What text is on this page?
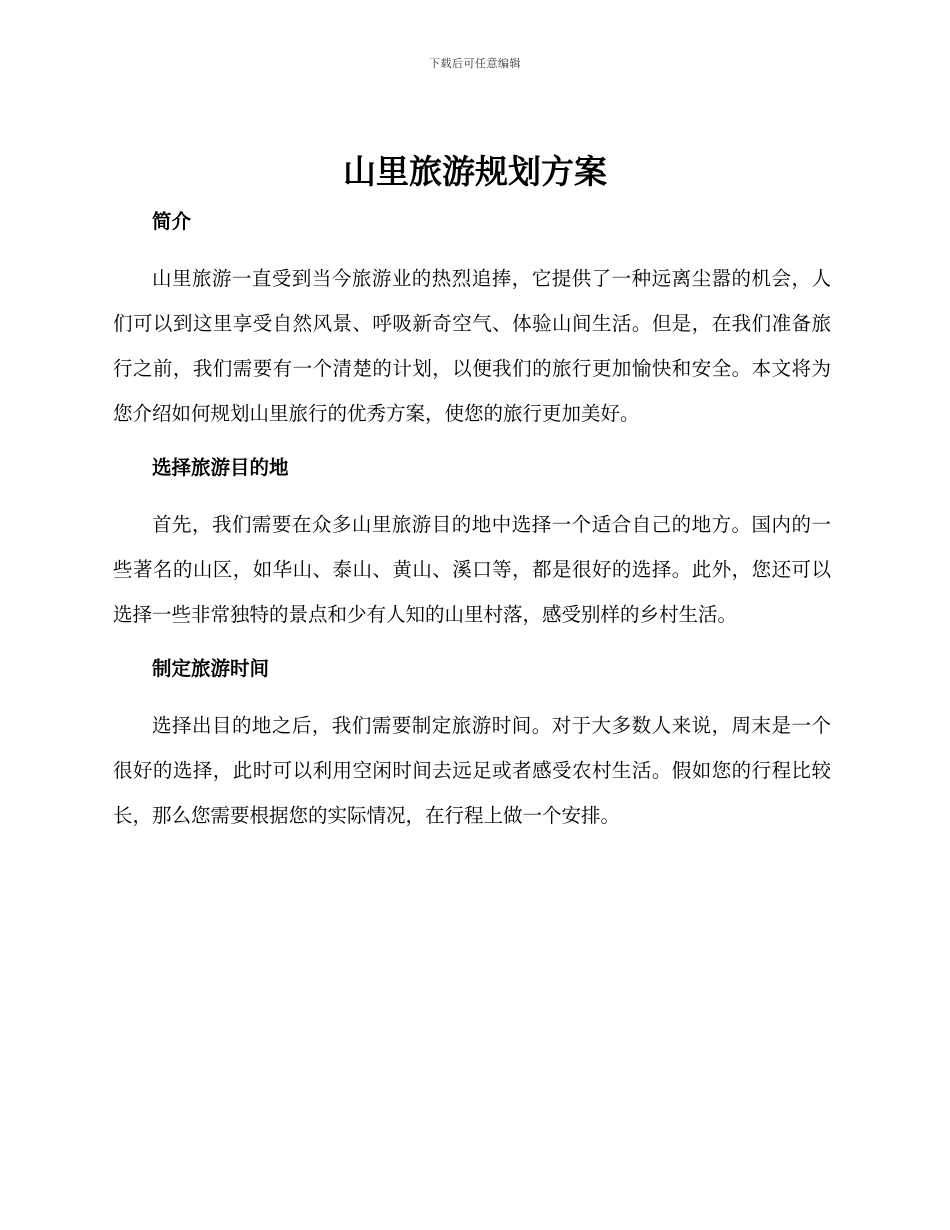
下载后可任意编辑
山里旅游规划方案
简介

山里旅游一直受到当今旅游业的热烈追捧，它提供了一种远离尘嚣的机会，人们可以到这里享受自然风景、呼吸新奇空气、体验山间生活。但是，在我们准备旅行之前，我们需要有一个清楚的计划，以便我们的旅行更加愉快和安全。本文将为您介绍如何规划山里旅行的优秀方案，使您的旅行更加美好。

选择旅游目的地

首先，我们需要在众多山里旅游目的地中选择一个适合自己的地方。国内的一些著名的山区，如华山、泰山、黄山、溪口等，都是很好的选择。此外，您还可以选择一些非常独特的景点和少有人知的山里村落，感受别样的乡村生活。

制定旅游时间

选择出目的地之后，我们需要制定旅游时间。对于大多数人来说，周末是一个很好的选择，此时可以利用空闲时间去远足或者感受农村生活。假如您的行程比较长，那么您需要根据您的实际情况，在行程上做一个安排。
